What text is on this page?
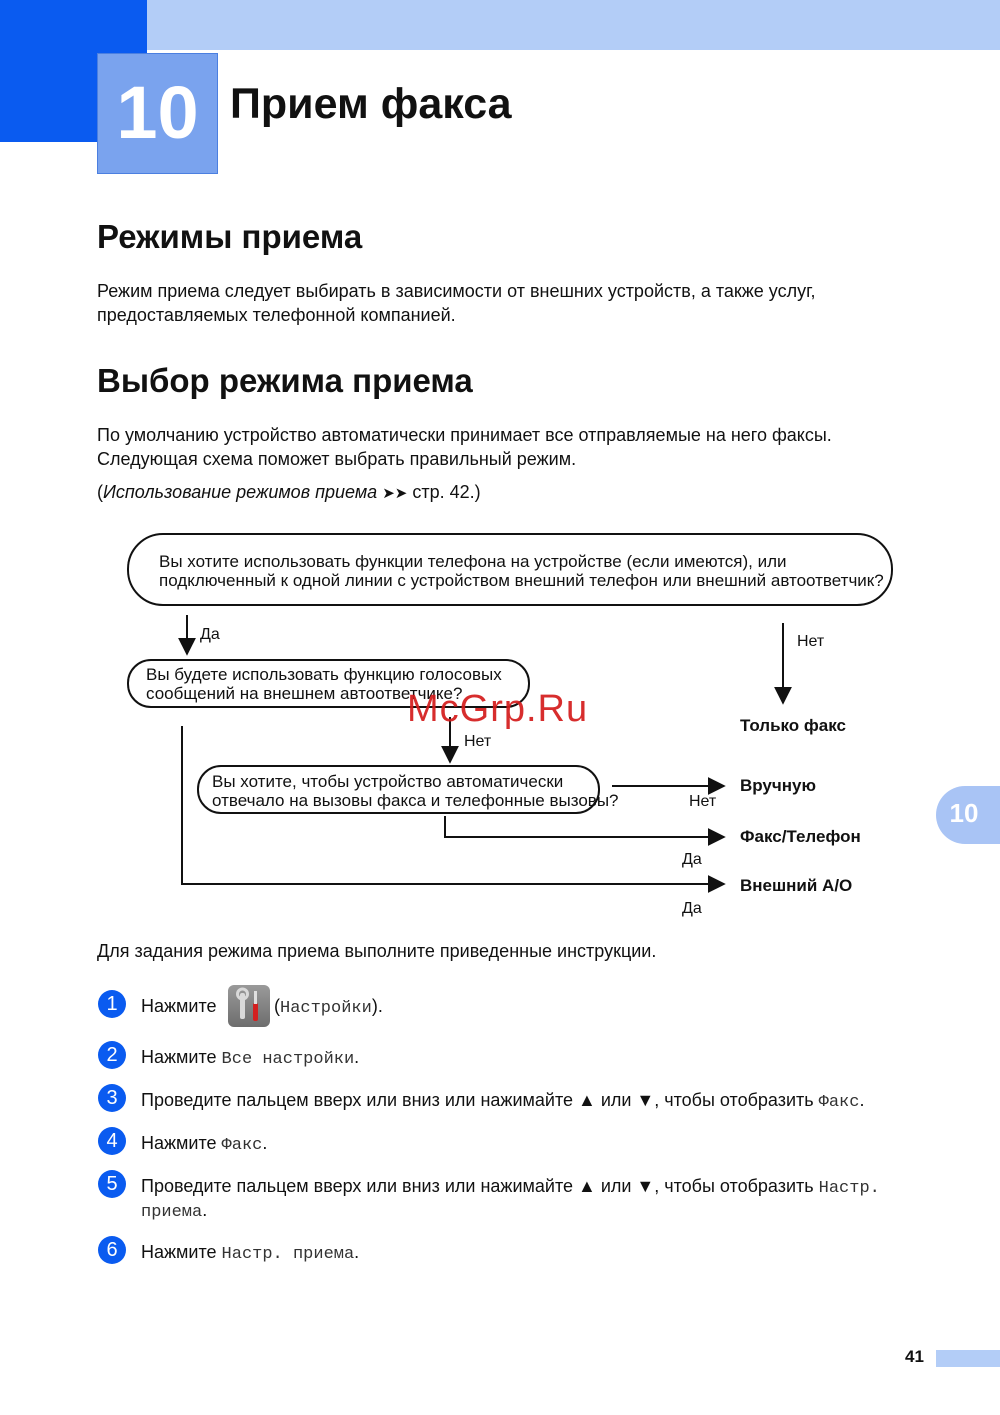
10 Прием факса
Режимы приема
Режим приема следует выбирать в зависимости от внешних устройств, а также услуг,
предоставляемых телефонной компанией.
Выбор режима приема
По умолчанию устройство автоматически принимает все отправляемые на него факсы.
Следующая схема поможет выбрать правильный режим.
(Использование режимов приема ➤➤ стр. 42.)
Вы хотите использовать функции телефона на устройстве (если имеются), или
подключенный к одной линии с устройством внешний телефон или внешний автоответчик?
Да	Нет
Только факс
Вы будете использовать функцию голосовых
сообщений на внешнем автоответчике?
Нет
Вы хотите, чтобы устройство автоматически
отвечало на вызовы факса и телефонные вызовы?	Нет
Вручную
Да
Факс/Телефон
Да
Внешний А/О
McGrp.Ru
10
Для задания режима приема выполните приведенные инструкции.
1	Нажмите	(Настройки).
2	Нажмите Все настройки.
3	Проведите пальцем вверх или вниз или нажимайте ▲ или ▼, чтобы отобразить Факс.
4	Нажмите Факс.
5	Проведите пальцем вверх или вниз или нажимайте ▲ или ▼, чтобы отобразить Настр.
приема.
6	Нажмите Настр. приема.
41
